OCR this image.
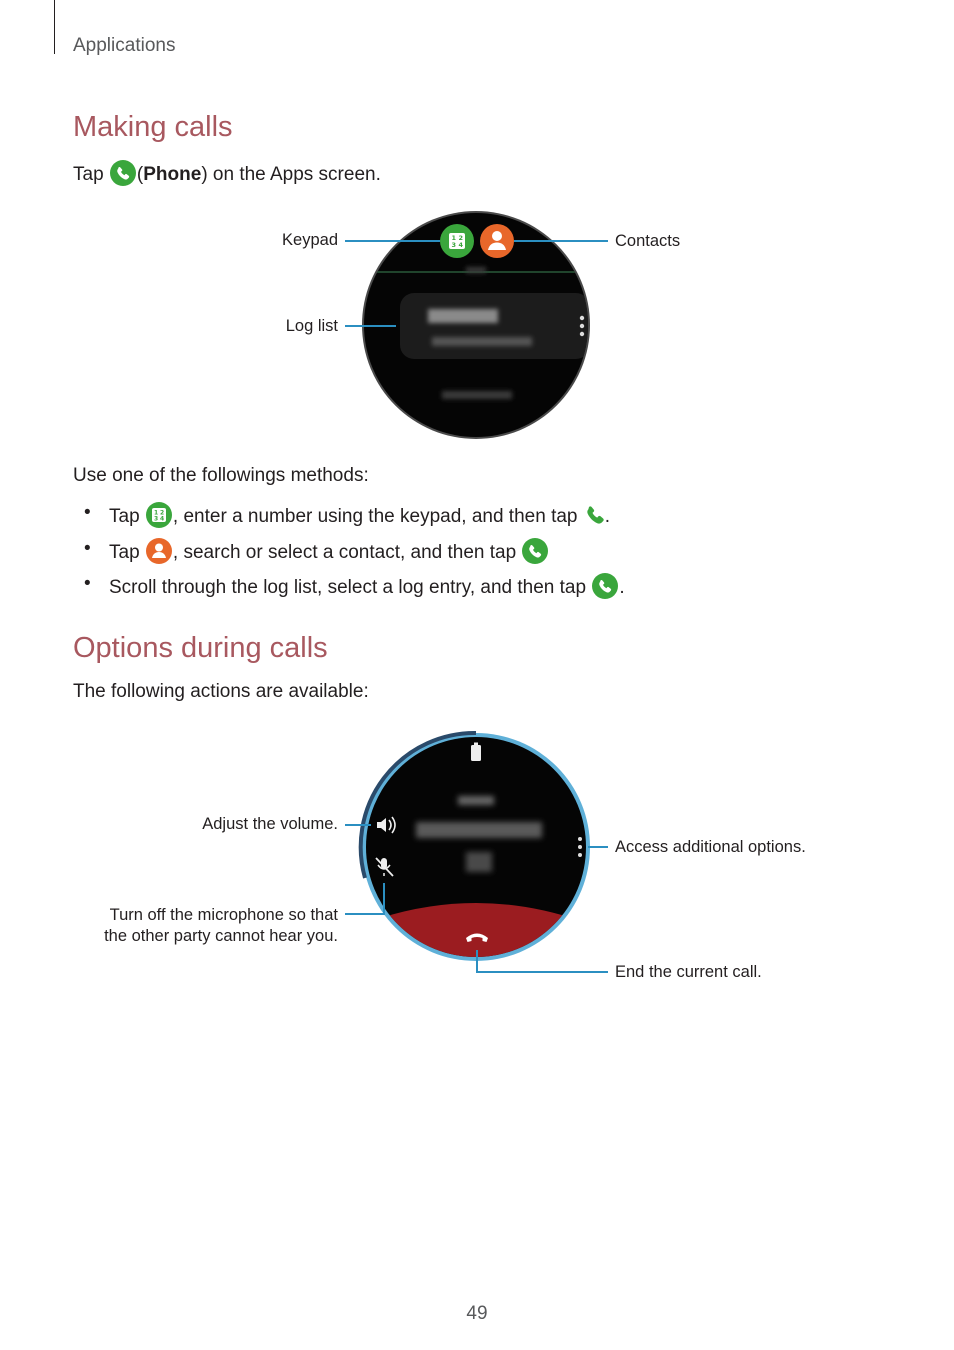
Applications
Making calls
Tap
(Phone) on the Apps screen.
1 2
3 4
Keypad	Contacts
Log list
Use one of the followings methods:
• Tap 1 2
3 4 , enter a number using the keypad, and then tap
.
• Tap
, search or select a contact, and then tap
• Scroll through the log list, select a log entry, and then tap
.
Options during calls
The following actions are available:
Adjust the volume.
Turn off the microphone so that
the other party cannot hear you.
Access additional options.
End the current call.
49
